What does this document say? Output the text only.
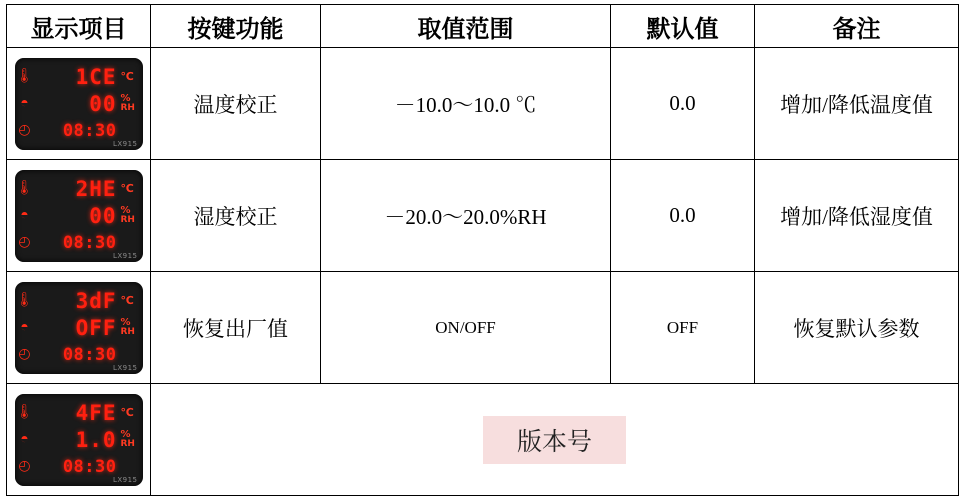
显示项目	按键功能	取值范围	默认值	备注

🌡	1CE ℃
◓	00 %
RH
◴	08:30
LX915
	温度校正	－10.0～10.0 ℃	0.0	增加/降低温度值

🌡	2HE ℃
◓	00 %
RH
◴	08:30
LX915
	湿度校正	－20.0～20.0%RH	0.0	增加/降低湿度值

🌡	3dF ℃
◓	OFF %
RH
◴	08:30
LX915
	恢复出厂值	ON/OFF	OFF	恢复默认参数

🌡	4FE ℃
◓	1.0 %
RH
◴	08:30
LX915
	版本号
